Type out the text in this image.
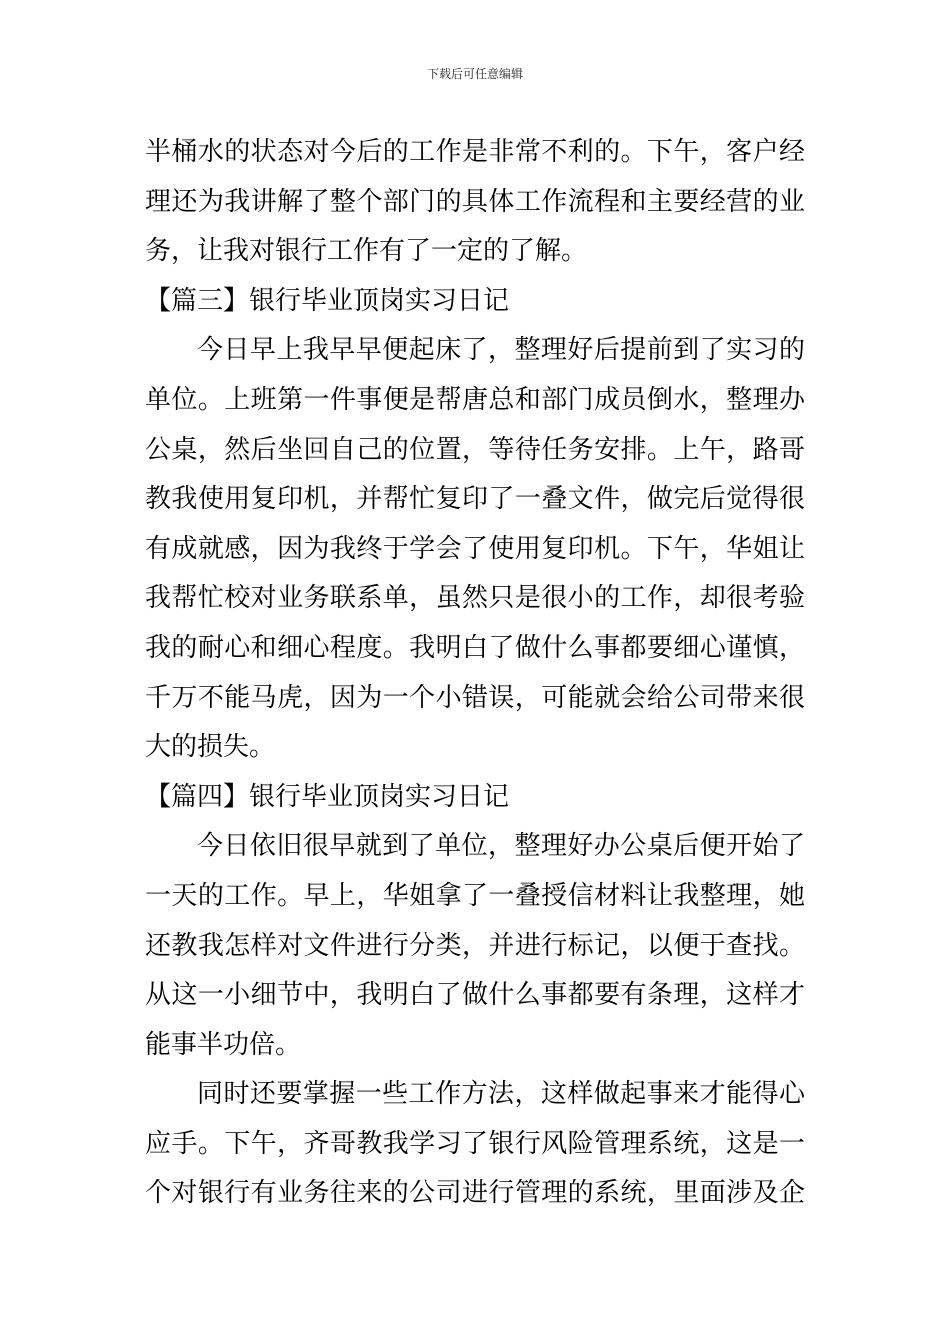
下载后可任意编辑
半桶水的状态对今后的工作是非常不利的。下午，客户经
理还为我讲解了整个部门的具体工作流程和主要经营的业
务，让我对银行工作有了一定的了解。
【篇三】银行毕业顶岗实习日记
今日早上我早早便起床了，整理好后提前到了实习的
单位。上班第一件事便是帮唐总和部门成员倒水，整理办
公桌，然后坐回自己的位置，等待任务安排。上午，路哥
教我使用复印机，并帮忙复印了一叠文件，做完后觉得很
有成就感，因为我终于学会了使用复印机。下午，华姐让
我帮忙校对业务联系单，虽然只是很小的工作，却很考验
我的耐心和细心程度。我明白了做什么事都要细心谨慎，
千万不能马虎，因为一个小错误，可能就会给公司带来很
大的损失。
【篇四】银行毕业顶岗实习日记
今日依旧很早就到了单位，整理好办公桌后便开始了
一天的工作。早上，华姐拿了一叠授信材料让我整理，她
还教我怎样对文件进行分类，并进行标记，以便于查找。
从这一小细节中，我明白了做什么事都要有条理，这样才
能事半功倍。
同时还要掌握一些工作方法，这样做起事来才能得心
应手。下午，齐哥教我学习了银行风险管理系统，这是一
个对银行有业务往来的公司进行管理的系统，里面涉及企
